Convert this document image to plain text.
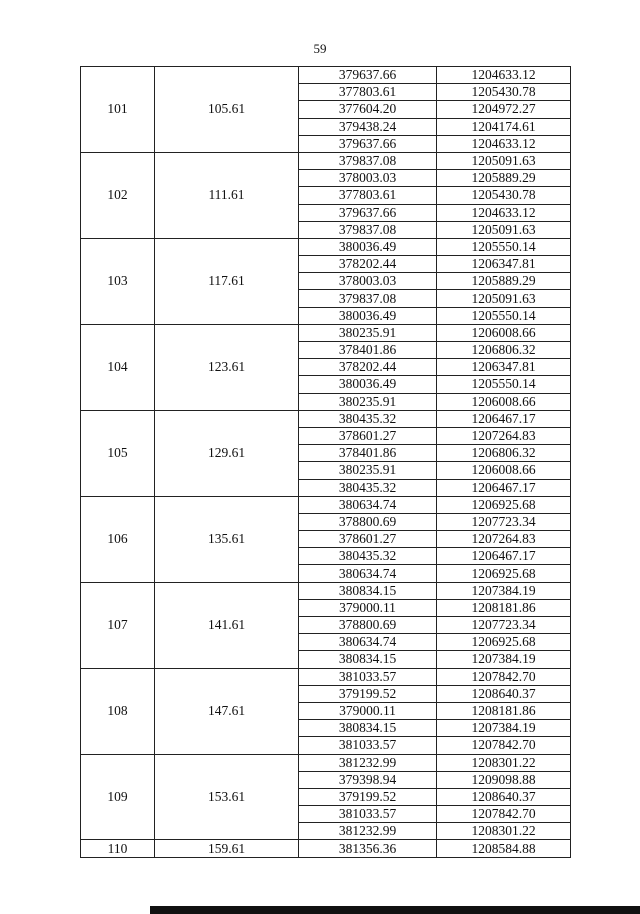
59
101	105.61	379637.66	1204633.12
		377803.61	1205430.78
		377604.20	1204972.27
		379438.24	1204174.61
		379637.66	1204633.12
102	111.61	379837.08	1205091.63
		378003.03	1205889.29
		377803.61	1205430.78
		379637.66	1204633.12
		379837.08	1205091.63
103	117.61	380036.49	1205550.14
		378202.44	1206347.81
		378003.03	1205889.29
		379837.08	1205091.63
		380036.49	1205550.14
104	123.61	380235.91	1206008.66
		378401.86	1206806.32
		378202.44	1206347.81
		380036.49	1205550.14
		380235.91	1206008.66
105	129.61	380435.32	1206467.17
		378601.27	1207264.83
		378401.86	1206806.32
		380235.91	1206008.66
		380435.32	1206467.17
106	135.61	380634.74	1206925.68
		378800.69	1207723.34
		378601.27	1207264.83
		380435.32	1206467.17
		380634.74	1206925.68
107	141.61	380834.15	1207384.19
		379000.11	1208181.86
		378800.69	1207723.34
		380634.74	1206925.68
		380834.15	1207384.19
108	147.61	381033.57	1207842.70
		379199.52	1208640.37
		379000.11	1208181.86
		380834.15	1207384.19
		381033.57	1207842.70
109	153.61	381232.99	1208301.22
		379398.94	1209098.88
		379199.52	1208640.37
		381033.57	1207842.70
		381232.99	1208301.22
110	159.61	381356.36	1208584.88
